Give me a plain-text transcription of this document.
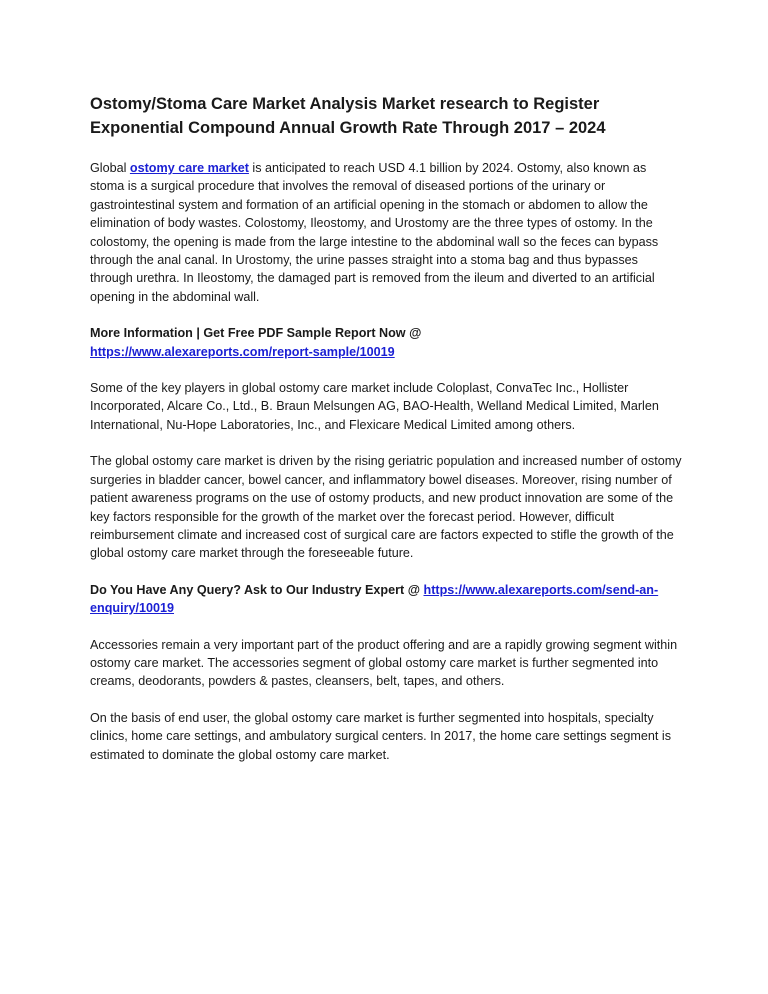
Ostomy/Stoma Care Market Analysis Market research to Register Exponential Compound Annual Growth Rate Through 2017 – 2024

Global ostomy care market is anticipated to reach USD 4.1 billion by 2024. Ostomy, also known as stoma is a surgical procedure that involves the removal of diseased portions of the urinary or gastrointestinal system and formation of an artificial opening in the stomach or abdomen to allow the elimination of body wastes. Colostomy, Ileostomy, and Urostomy are the three types of ostomy. In the colostomy, the opening is made from the large intestine to the abdominal wall so the feces can bypass through the anal canal. In Urostomy, the urine passes straight into a stoma bag and thus bypasses through urethra. In Ileostomy, the damaged part is removed from the ileum and diverted to an artificial opening in the abdominal wall.

More Information | Get Free PDF Sample Report Now @
https://www.alexareports.com/report-sample/10019

Some of the key players in global ostomy care market include Coloplast, ConvaTec Inc., Hollister Incorporated, Alcare Co., Ltd., B. Braun Melsungen AG, BAO-Health, Welland Medical Limited, Marlen International, Nu-Hope Laboratories, Inc., and Flexicare Medical Limited among others.

The global ostomy care market is driven by the rising geriatric population and increased number of ostomy surgeries in bladder cancer, bowel cancer, and inflammatory bowel diseases. Moreover, rising number of patient awareness programs on the use of ostomy products, and new product innovation are some of the key factors responsible for the growth of the market over the forecast period. However, difficult reimbursement climate and increased cost of surgical care are factors expected to stifle the growth of the global ostomy care market through the foreseeable future.

Do You Have Any Query? Ask to Our Industry Expert @ https://www.alexareports.com/send-an-enquiry/10019

Accessories remain a very important part of the product offering and are a rapidly growing segment within ostomy care market. The accessories segment of global ostomy care market is further segmented into creams, deodorants, powders & pastes, cleansers, belt, tapes, and others.

On the basis of end user, the global ostomy care market is further segmented into hospitals, specialty clinics, home care settings, and ambulatory surgical centers. In 2017, the home care settings segment is estimated to dominate the global ostomy care market.
